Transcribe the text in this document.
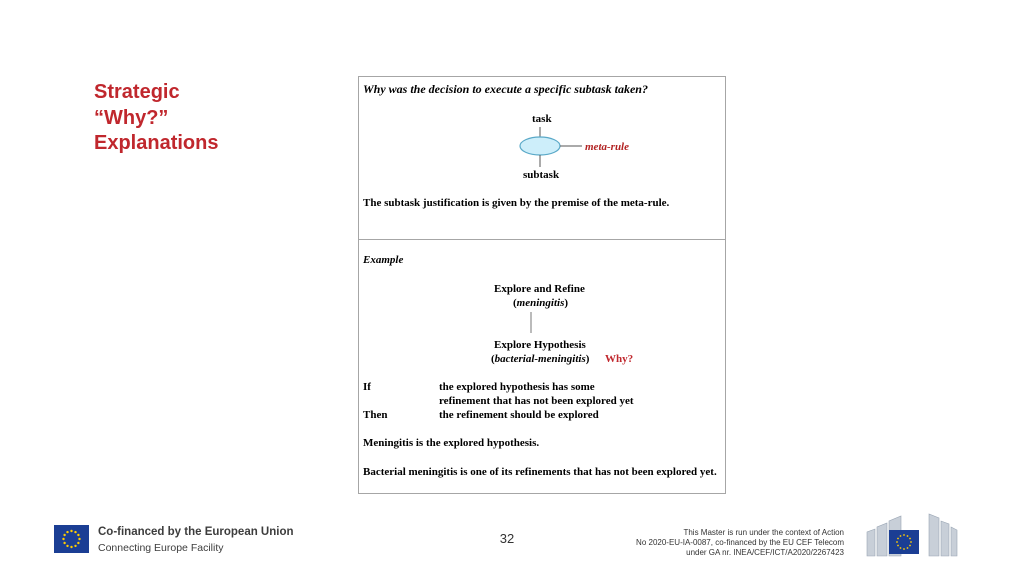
Strategic
“Why?”
Explanations
Why was the decision to execute a specific subtask taken?
task
meta-rule
subtask
The subtask justification is given by the premise of the meta-rule.
Example
Explore and Refine
(meningitis)
Explore Hypothesis
(bacterial-meningitis) Why?
If	the explored hypothesis has some
refinement that has not been explored yet
Then	the refinement should be explored
Meningitis is the explored hypothesis.
Bacterial meningitis is one of its refinements that has not been explored yet.
Co-financed by the European Union
Connecting Europe Facility
32	This Master is run under the context of Action
No 2020-EU-IA-0087, co-financed by the EU CEF Telecom
under GA nr. INEA/CEF/ICT/A2020/2267423
